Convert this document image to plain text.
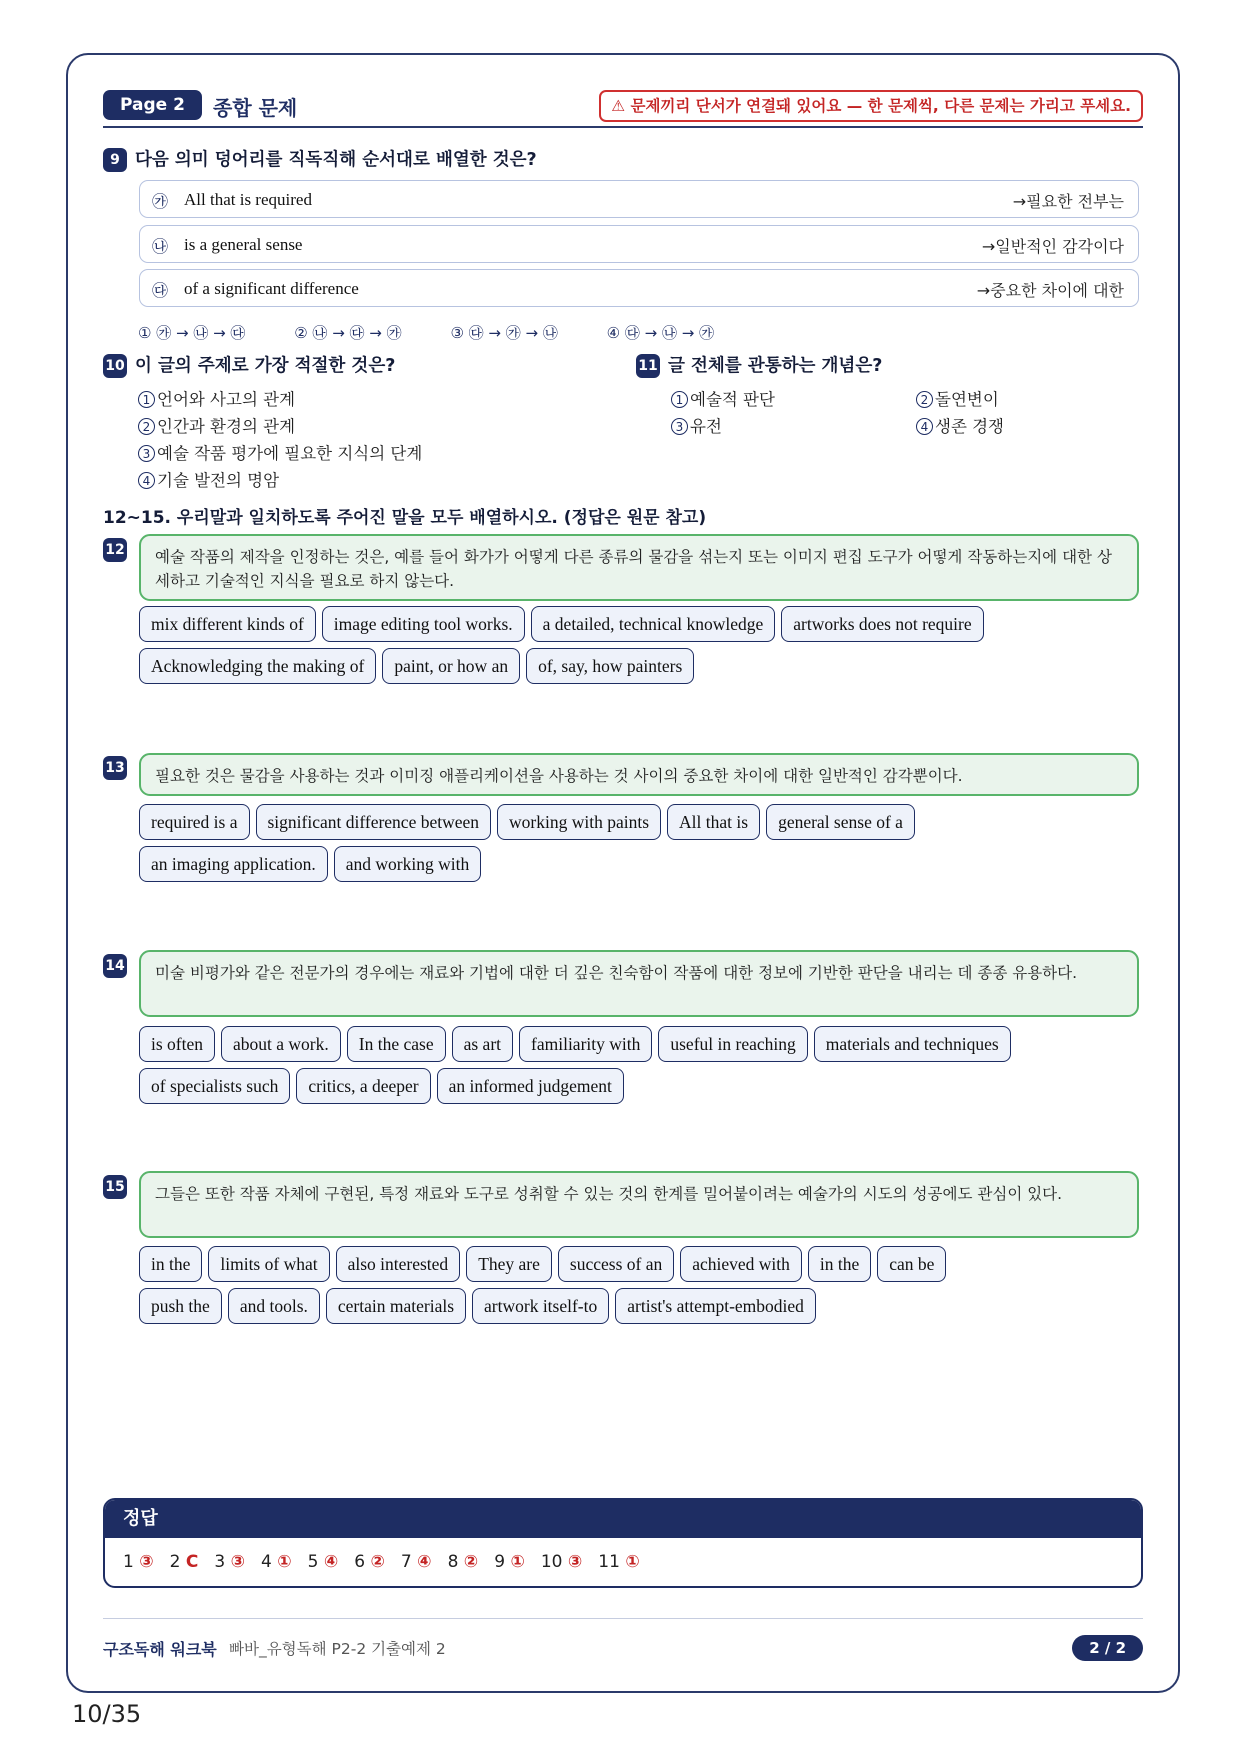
10/35
Page 2	종합 문제	⚠ 문제끼리 단서가 연결돼 있어요 — 한 문제씩, 다른 문제는 가리고 푸세요.
9 다음 의미 덩어리를 직독직해 순서대로 배열한 것은?
㉮ All that is required	→필요한 전부는
㉯ is a general sense	→일반적인 감각이다
㉰ of a significant difference	→중요한 차이에 대한
① ㉮ → ㉯ → ㉰	② ㉯ → ㉰ → ㉮	③ ㉰ → ㉮ → ㉯	④ ㉰ → ㉯ → ㉮
10 이 글의 주제로 가장 적절한 것은?
1 언어와 사고의 관계
2 인간과 환경의 관계
3 예술 작품 평가에 필요한 지식의 단계
4 기술 발전의 명암
11 글 전체를 관통하는 개념은?
1 예술적 판단	2 돌연변이
3 유전	4 생존 경쟁
12~15. 우리말과 일치하도록 주어진 말을 모두 배열하시오. (정답은 원문 참고)
12	예술 작품의 제작을 인정하는 것은, 예를 들어 화가가 어떻게 다른 종류의 물감을 섞는지 또는 이미지 편집 도구가 어떻게 작동하는지에 대한 상세하고 기술적인 지식을 필요로 하지 않는다.
mix different kinds of image editing tool works. a detailed, technical knowledge artworks does not require
Acknowledging the making of paint, or how an of, say, how painters
13	필요한 것은 물감을 사용하는 것과 이미징 애플리케이션을 사용하는 것 사이의 중요한 차이에 대한 일반적인 감각뿐이다.
required is a significant difference between working with paints All that is general sense of a
an imaging application. and working with
14	미술 비평가와 같은 전문가의 경우에는 재료와 기법에 대한 더 깊은 친숙함이 작품에 대한 정보에 기반한 판단을 내리는 데 종종 유용하다.
is often about a work. In the case as art familiarity with useful in reaching materials and techniques
of specialists such critics, a deeper an informed judgement
15	그들은 또한 작품 자체에 구현된, 특정 재료와 도구로 성취할 수 있는 것의 한계를 밀어붙이려는 예술가의 시도의 성공에도 관심이 있다.
in the limits of what also interested They are success of an achieved with in the can be
push the and tools. certain materials artwork itself-to artist's attempt-embodied
정답
1 ③ 2 C 3 ③ 4 ① 5 ④ 6 ② 7 ④ 8 ② 9 ① 10 ③ 11 ①
구조독해 워크북 빠바_유형독해 P2-2 기출예제 2	2 / 2
